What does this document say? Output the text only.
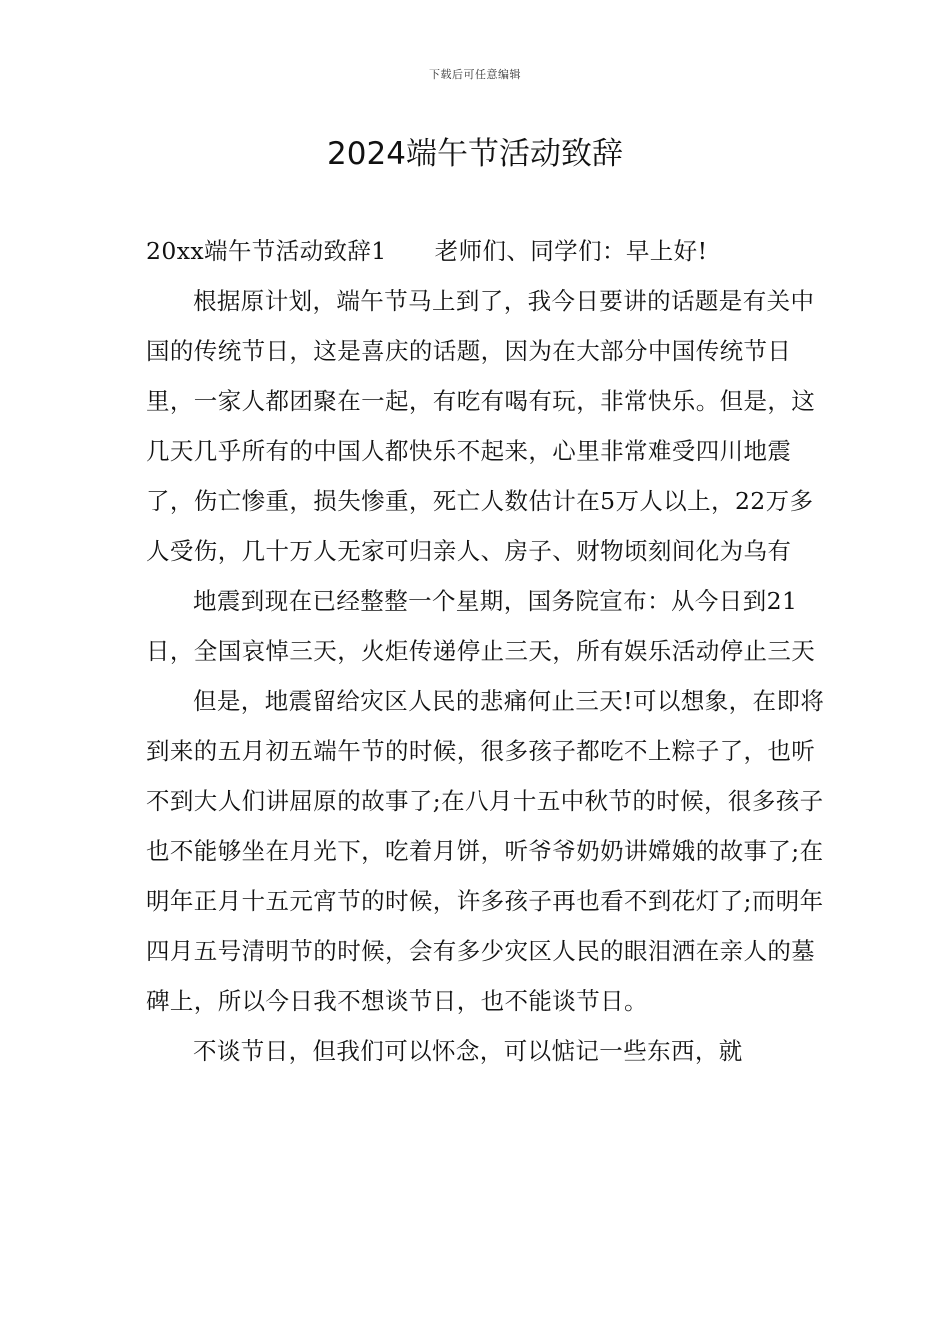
下载后可任意编辑
2024端午节活动致辞

20xx端午节活动致辞1 老师们、同学们：早上好!

根据原计划，端午节马上到了，我今日要讲的话题是有关中国的传统节日，这是喜庆的话题，因为在大部分中国传统节日里，一家人都团聚在一起，有吃有喝有玩，非常快乐。但是，这几天几乎所有的中国人都快乐不起来，心里非常难受四川地震了，伤亡惨重，损失惨重，死亡人数估计在5万人以上，22万多人受伤，几十万人无家可归亲人、房子、财物顷刻间化为乌有

地震到现在已经整整一个星期，国务院宣布：从今日到21日，全国哀悼三天，火炬传递停止三天，所有娱乐活动停止三天

但是，地震留给灾区人民的悲痛何止三天!可以想象，在即将到来的五月初五端午节的时候，很多孩子都吃不上粽子了，也听不到大人们讲屈原的故事了;在八月十五中秋节的时候，很多孩子也不能够坐在月光下，吃着月饼，听爷爷奶奶讲嫦娥的故事了;在明年正月十五元宵节的时候，许多孩子再也看不到花灯了;而明年四月五号清明节的时候，会有多少灾区人民的眼泪洒在亲人的墓碑上，所以今日我不想谈节日，也不能谈节日。

不谈节日，但我们可以怀念，可以惦记一些东西，就
